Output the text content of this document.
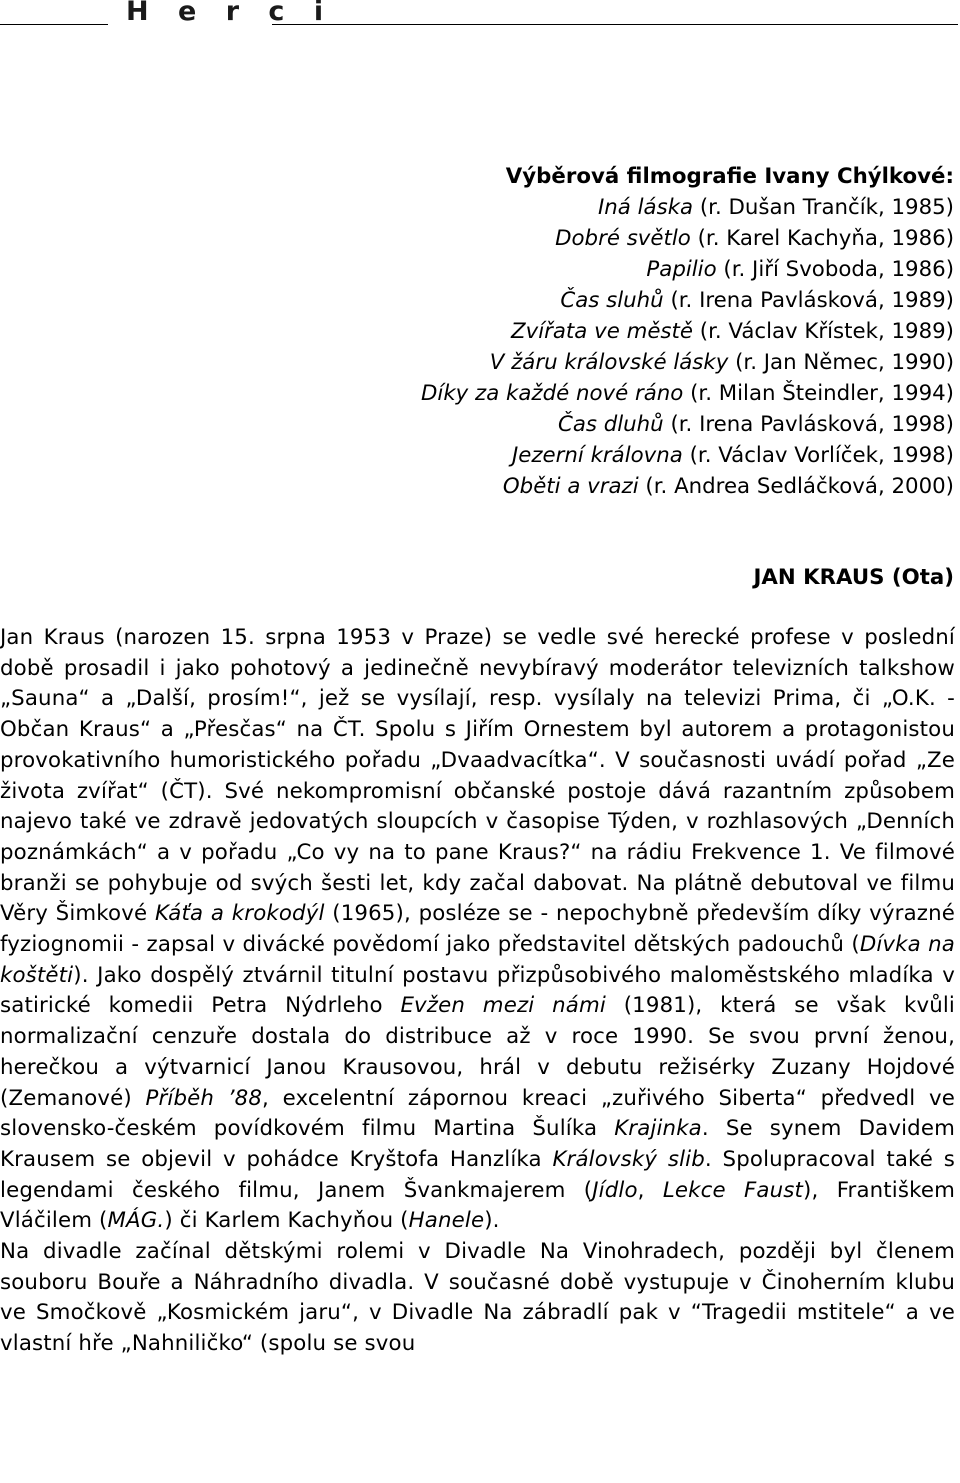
H e r c i
Výběrová filmografie Ivany Chýlkové:
Iná láska (r. Dušan Trančík, 1985)
Dobré světlo (r. Karel Kachyňa, 1986)
Papilio (r. Jiří Svoboda, 1986)
Čas sluhů (r. Irena Pavlásková, 1989)
Zvířata ve městě (r. Václav Křístek, 1989)
V žáru královské lásky (r. Jan Němec, 1990)
Díky za každé nové ráno (r. Milan Šteindler, 1994)
Čas dluhů (r. Irena Pavlásková, 1998)
Jezerní královna (r. Václav Vorlíček, 1998)
Oběti a vrazi (r. Andrea Sedláčková, 2000)
JAN KRAUS (Ota)

Jan Kraus (narozen 15. srpna 1953 v Praze) se vedle své herecké profese v poslední době prosadil i jako pohotový a jedinečně nevybíravý moderátor televizních talkshow „Sauna“ a „Další, prosím!“, jež se vysílají, resp. vysílaly na televizi Prima, či „O.K. - Občan Kraus“ a „Přesčas“ na ČT. Spolu s Jiřím Ornestem byl autorem a protagonistou provokativního humoristického pořadu „Dvaadvacítka“. V současnosti uvádí pořad „Ze života zvířat“ (ČT). Své nekompromisní občanské postoje dává razantním způsobem najevo také ve zdravě jedovatých sloupcích v časopise Týden, v rozhlasových „Denních poznámkách“ a v pořadu „Co vy na to pane Kraus?“ na rádiu Frekvence 1. Ve filmové branži se pohybuje od svých šesti let, kdy začal dabovat. Na plátně debutoval ve filmu Věry Šimkové Káťa a krokodýl (1965), posléze se - nepochybně především díky výrazné fyziognomii - zapsal v divácké povědomí jako představitel dětských padouchů (Dívka na koštěti). Jako dospělý ztvárnil titulní postavu přizpůsobivého maloměstského mladíka v satirické komedii Petra Nýdrleho Evžen mezi námi (1981), která se však kvůli normalizační cenzuře dostala do distribuce až v roce 1990. Se svou první ženou, herečkou a výtvarnicí Janou Krausovou, hrál v debutu režisérky Zuzany Hojdové (Zemanové) Příběh ’88, excelentní zápornou kreaci „zuřivého Siberta“ předvedl ve slovensko-českém povídkovém filmu Martina Šulíka Krajinka. Se synem Davidem Krausem se objevil v pohádce Kryštofa Hanzlíka Královský slib. Spolupracoval také s legendami českého filmu, Janem Švankmajerem (Jídlo, Lekce Faust), Františkem Vláčilem (MÁG.) či Karlem Kachyňou (Hanele).

Na divadle začínal dětskými rolemi v Divadle Na Vinohradech, později byl členem souboru Bouře a Náhradního divadla. V současné době vystupuje v Činoherním klubu ve Smočkově „Kosmickém jaru“, v Divadle Na zábradlí pak v “Tragedii mstitele“ a ve vlastní hře „Nahniličko“ (spolu se svou
